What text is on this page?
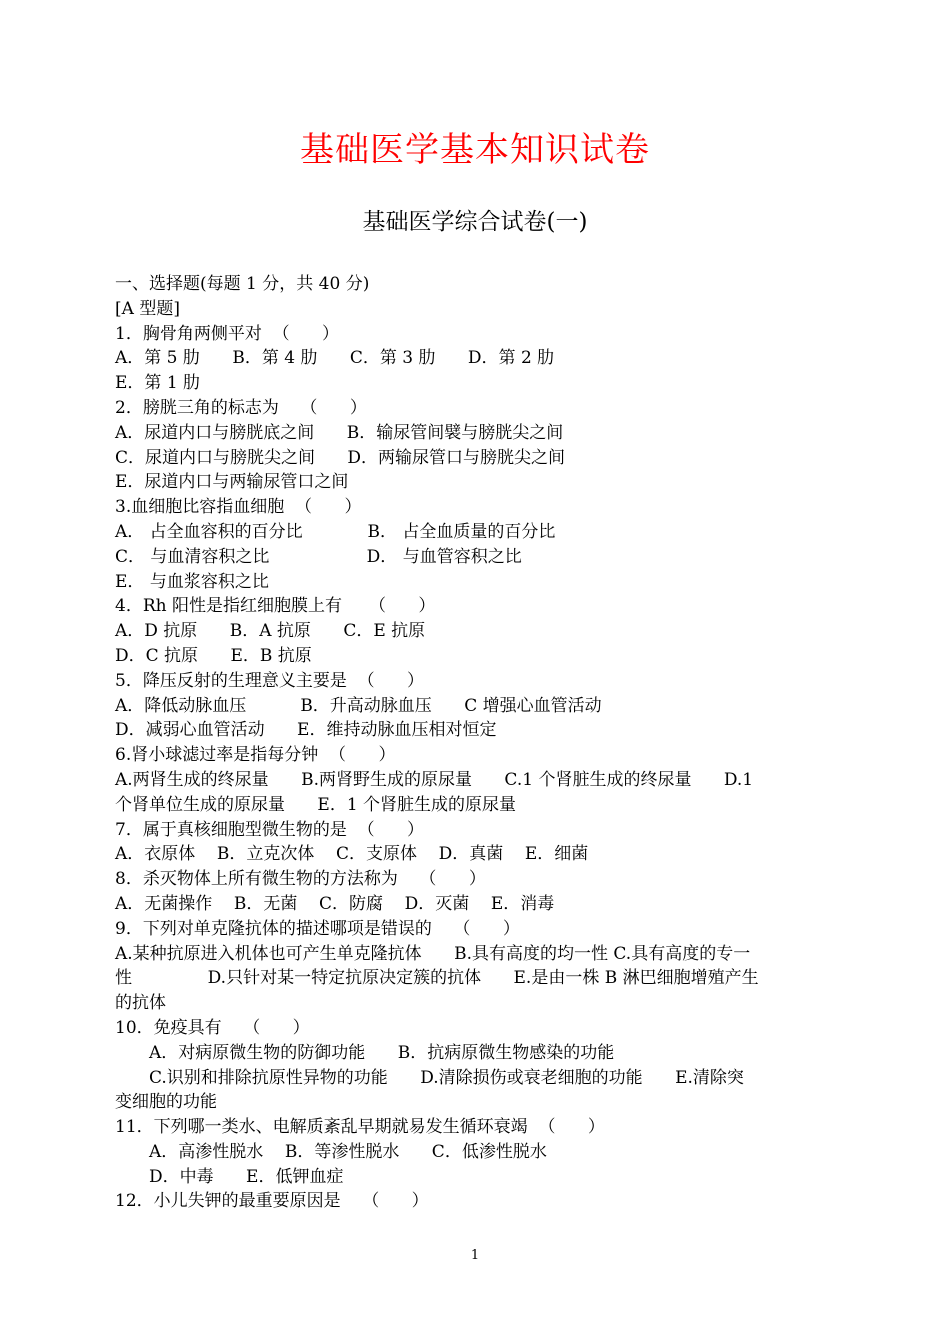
基础医学基本知识试卷
基础医学综合试卷(一)
一、选择题(每题 1 分，共 40 分)
[A 型题]
1．胸骨角两侧平对  （      ）
A．第 5 肋      B．第 4 肋      C．第 3 肋      D．第 2 肋
E．第 1 肋
2．膀胱三角的标志为    （      ）
A．尿道内口与膀胱底之间      B．输尿管间襞与膀胱尖之间
C．尿道内口与膀胱尖之间      D．两输尿管口与膀胱尖之间
E．尿道内口与两输尿管口之间
3.血细胞比容指血细胞  （      ）
A． 占全血容积的百分比            B． 占全血质量的百分比
C． 与血清容积之比                  D． 与血管容积之比
E． 与血浆容积之比
4．Rh 阳性是指红细胞膜上有     （      ）
A．D 抗原      B．A 抗原      C．E 抗原
D．C 抗原      E．B 抗原
5．降压反射的生理意义主要是  （      ）
A．降低动脉血压          B．升高动脉血压      C 增强心血管活动
D．减弱心血管活动      E．维持动脉血压相对恒定
6.肾小球滤过率是指每分钟  （      ）
A.两肾生成的终尿量      B.两肾野生成的原尿量      C.1 个肾脏生成的终尿量      D.1
个肾单位生成的原尿量      E．1 个肾脏生成的原尿量
7．属于真核细胞型微生物的是  （      ）
A．衣原体    B．立克次体    C．支原体    D．真菌    E．细菌
8．杀灭物体上所有微生物的方法称为    （      ）
A．无菌操作    B．无菌    C．防腐    D．灭菌    E．消毒
9．下列对单克隆抗体的描述哪项是错误的    （      ）
A.某种抗原进入机体也可产生单克隆抗体      B.具有高度的均一性 C.具有高度的专一
性              D.只针对某一特定抗原决定簇的抗体      E.是由一株 B 淋巴细胞增殖产生
的抗体
10．免疫具有    （      ）
A．对病原微生物的防御功能      B．抗病原微生物感染的功能
C.识别和排除抗原性异物的功能      D.清除损伤或衰老细胞的功能      E.清除突
变细胞的功能
11．下列哪一类水、电解质紊乱早期就易发生循环衰竭  （      ）
A．高渗性脱水    B．等渗性脱水      C．低渗性脱水
D．中毒      E．低钾血症
12．小儿失钾的最重要原因是    （      ）
1
